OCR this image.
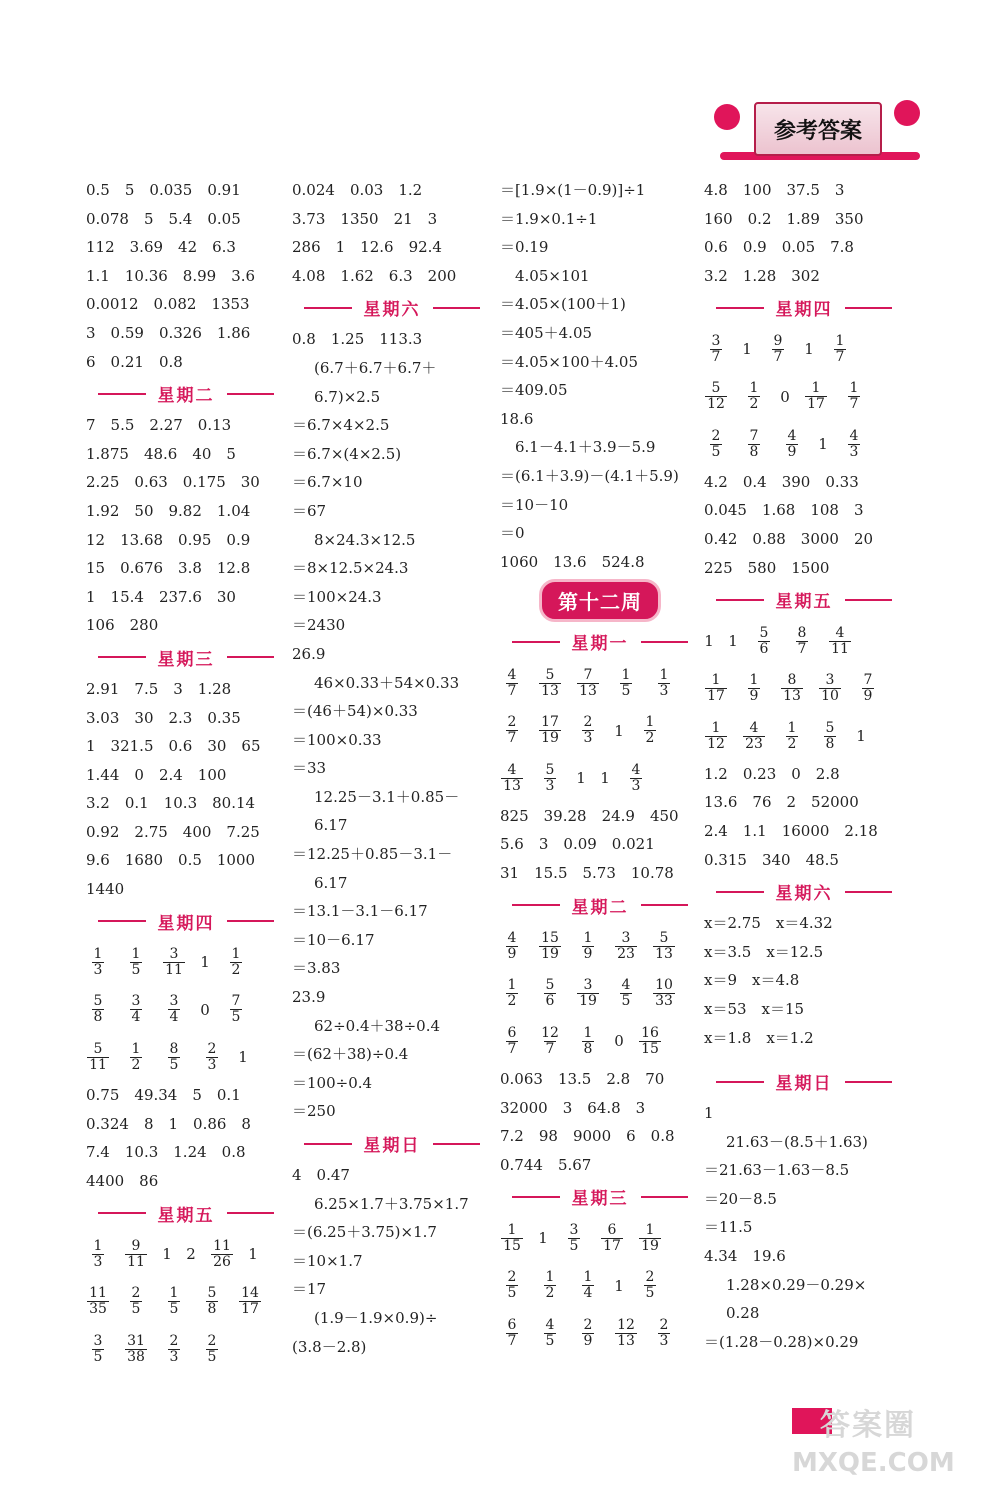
参考答案
0.5　5　0.035　0.91
0.078　5　5.4　0.05
112　3.69　42　6.3
1.1　10.36　8.99　3.6
0.0012　0.082　1353
3　0.59　0.326　1.86
6　0.21　0.8
星期二
7　5.5　2.27　0.13
1.875　48.6　40　5
2.25　0.63　0.175　30
1.92　50　9.82　1.04
12　13.68　0.95　0.9
15　0.676　3.8　12.8
1　15.4　237.6　30
106　280
星期三
2.91　7.5　3　1.28
3.03　30　2.3　0.35
1　321.5　0.6　30　65
1.44　0　2.4　100
3.2　0.1　10.3　80.14
0.92　2.75　400　7.25
9.6　1680　0.5　1000
1440
星期四
$\frac{1}{3} \frac{1}{5} \frac{3}{11} 1 \frac{1}{2}$
$\frac{5}{8} \frac{3}{4} \frac{3}{4} 0 \frac{7}{5}$
$\frac{5}{11} \frac{1}{2} \frac{8}{5} \frac{2}{3} 1$
0.75　49.34　5　0.1
0.324　8　1　0.86　8
7.4　10.3　1.24　0.8
4400　86
星期五
$\frac{1}{3} \frac{9}{11} 1$ $2 \frac{11}{26} 1$
$\frac{11}{35} \frac{2}{5} \frac{1}{5} \frac{5}{8} \frac{14}{17}$
$\frac{3}{5} \frac{31}{38} \frac{2}{3} \frac{2}{5}$
0.024　0.03　1.2
3.73　1350　21　3
286　1　12.6　92.4
4.08　1.62　6.3　200
星期六
0.8　1.25　113.3
(6.7＋6.7＋6.7＋
6.7)×2.5
＝6.7×4×2.5
＝6.7×(4×2.5)
＝6.7×10
＝67
8×24.3×12.5
＝8×12.5×24.3
＝100×24.3
＝2430
26.9
46×0.33＋54×0.33
＝(46＋54)×0.33
＝100×0.33
＝33
12.25－3.1＋0.85－
6.17
＝12.25＋0.85－3.1－
6.17
＝13.1－3.1－6.17
＝10－6.17
＝3.83
23.9
62÷0.4＋38÷0.4
＝(62＋38)÷0.4
＝100÷0.4
＝250
星期日
4　0.47
6.25×1.7＋3.75×1.7
＝(6.25＋3.75)×1.7
＝10×1.7
＝17
(1.9－1.9×0.9)÷
(3.8－2.8)
＝[1.9×(1－0.9)]÷1
＝1.9×0.1÷1
＝0.19
　4.05×101
＝4.05×(100＋1)
＝405＋4.05
＝4.05×100＋4.05
＝409.05
18.6
　6.1－4.1＋3.9－5.9
＝(6.1＋3.9)－(4.1＋5.9)
＝10－10
＝0
1060　13.6　524.8
第十二周
星期一
$\frac{4}{7} \frac{5}{13} \frac{7}{13} \frac{1}{5} \frac{1}{3}$
$\frac{2}{7} \frac{17}{19} \frac{2}{3} 1 \frac{1}{2}$
$\frac{4}{13} \frac{5}{3} 1$ $1 \frac{4}{3}$
825　39.28　24.9　450
5.6　3　0.09　0.021
31　15.5　5.73　10.78
星期二
$\frac{4}{9} \frac{15}{19} \frac{1}{9} \frac{3}{23} \frac{5}{13}$
$\frac{1}{2} \frac{5}{6} \frac{3}{19} \frac{4}{5} \frac{10}{33}$
$\frac{6}{7} \frac{12}{7} \frac{1}{8} 0 \frac{16}{15}$
0.063　13.5　2.8　70
32000　3　64.8　3
7.2　98　9000　6　0.8
0.744　5.67
星期三
$\frac{1}{15} 1 \frac{3}{5} \frac{6}{17} \frac{1}{19}$
$\frac{2}{5} \frac{1}{2} \frac{1}{4} 1 \frac{2}{5}$
$\frac{6}{7} \frac{4}{5} \frac{2}{9} \frac{12}{13} \frac{2}{3}$
4.8　100　37.5　3
160　0.2　1.89　350
0.6　0.9　0.05　7.8
3.2　1.28　302
星期四
$\frac{3}{7} 1 \frac{9}{7} 1 \frac{1}{7}$
$\frac{5}{12} \frac{1}{2} 0 \frac{1}{17} \frac{1}{7}$
$\frac{2}{5} \frac{7}{8} \frac{4}{9} 1 \frac{4}{3}$
4.2　0.4　390　0.33
0.045　1.68　108　3
0.42　0.88　3000　20
225　580　1500
星期五
1 $1 \frac{5}{6} \frac{8}{7} \frac{4}{11}$
$\frac{1}{17} \frac{1}{9} \frac{8}{13} \frac{3}{10} \frac{7}{9}$
$\frac{1}{12} \frac{4}{23} \frac{1}{2} \frac{5}{8} 1$
1.2　0.23　0　2.8
13.6　76　2　52000
2.4　1.1　16000　2.18
0.315　340　48.5
星期六
x＝2.75　x＝4.32
x＝3.5　x＝12.5
x＝9　x＝4.8
x＝53　x＝15
x＝1.8　x＝1.2
星期日
1
21.63－(8.5＋1.63)
＝21.63－1.63－8.5
＝20－8.5
＝11.5
4.34　19.6
1.28×0.29－0.29×
0.28
＝(1.28－0.28)×0.29
答案圈
MXQE.COM
